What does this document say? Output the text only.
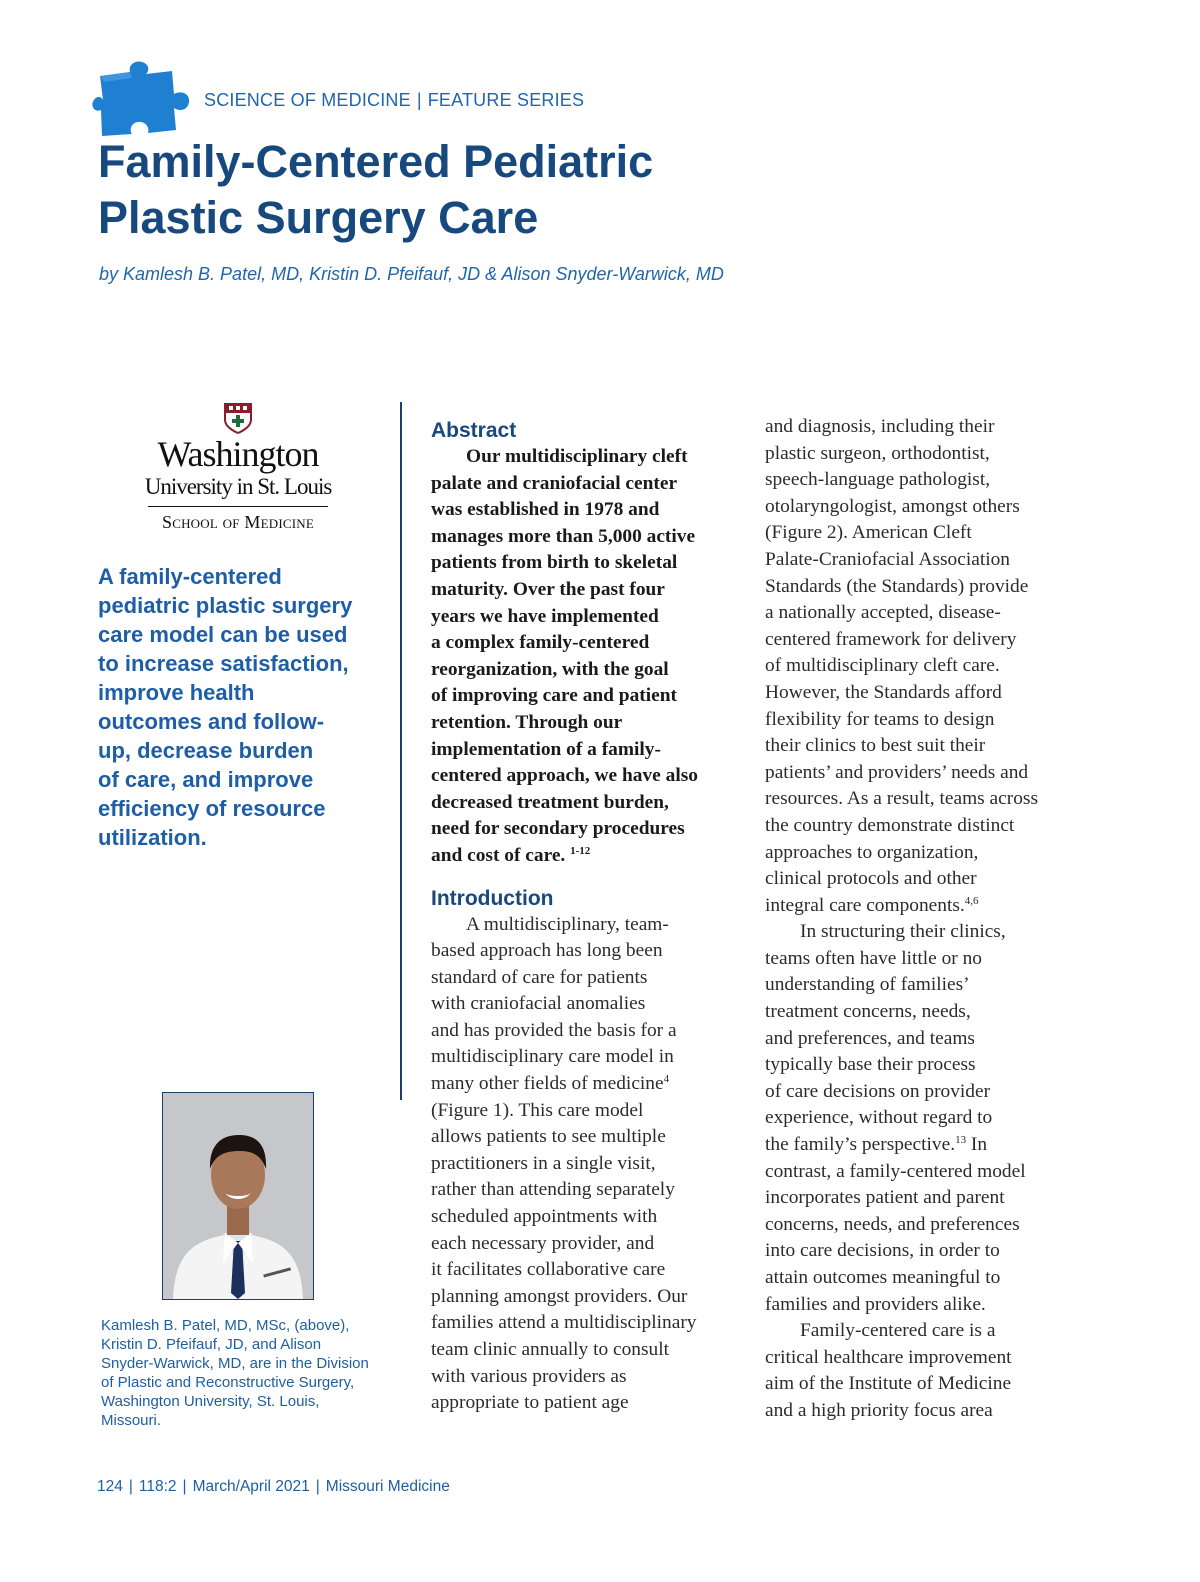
SCIENCE OF MEDICINE | FEATURE SERIES
Family-Centered Pediatric
Plastic Surgery Care
by Kamlesh B. Patel, MD, Kristin D. Pfeifauf, JD & Alison Snyder-Warwick, MD
Washington
University in St. Louis
School of Medicine
A family-centered
pediatric plastic surgery
care model can be used
to increase satisfaction,
improve health
outcomes and follow-
up, decrease burden
of care, and improve
efficiency of resource
utilization.
Kamlesh B. Patel, MD, MSc, (above),
Kristin D. Pfeifauf, JD, and Alison
Snyder-Warwick, MD, are in the Division
of Plastic and Reconstructive Surgery,
Washington University, St. Louis,
Missouri.
Abstract
Our multidisciplinary cleft
palate and craniofacial center
was established in 1978 and
manages more than 5,000 active
patients from birth to skeletal
maturity. Over the past four
years we have implemented
a complex family-centered
reorganization, with the goal
of improving care and patient
retention. Through our
implementation of a family-
centered approach, we have also
decreased treatment burden,
need for secondary procedures
and cost of care. $^{1-12}$
Introduction
A multidisciplinary, team-
based approach has long been
standard of care for patients
with craniofacial anomalies
and has provided the basis for a
multidisciplinary care model in
many other fields of medicine$^4$
(Figure 1). This care model
allows patients to see multiple
practitioners in a single visit,
rather than attending separately
scheduled appointments with
each necessary provider, and
it facilitates collaborative care
planning amongst providers. Our
families attend a multidisciplinary
team clinic annually to consult
with various providers as
appropriate to patient age
and diagnosis, including their
plastic surgeon, orthodontist,
speech-language pathologist,
otolaryngologist, amongst others
(Figure 2). American Cleft
Palate-Craniofacial Association
Standards (the Standards) provide
a nationally accepted, disease-
centered framework for delivery
of multidisciplinary cleft care.
However, the Standards afford
flexibility for teams to design
their clinics to best suit their
patients’ and providers’ needs and
resources. As a result, teams across
the country demonstrate distinct
approaches to organization,
clinical protocols and other
integral care components.$^{4,6}$
In structuring their clinics,
teams often have little or no
understanding of families’
treatment concerns, needs,
and preferences, and teams
typically base their process
of care decisions on provider
experience, without regard to
the family’s perspective.$^{13}$ In
contrast, a family-centered model
incorporates patient and parent
concerns, needs, and preferences
into care decisions, in order to
attain outcomes meaningful to
families and providers alike.
Family-centered care is a
critical healthcare improvement
aim of the Institute of Medicine
and a high priority focus area
124 | 118:2 | March/April 2021 | Missouri Medicine
